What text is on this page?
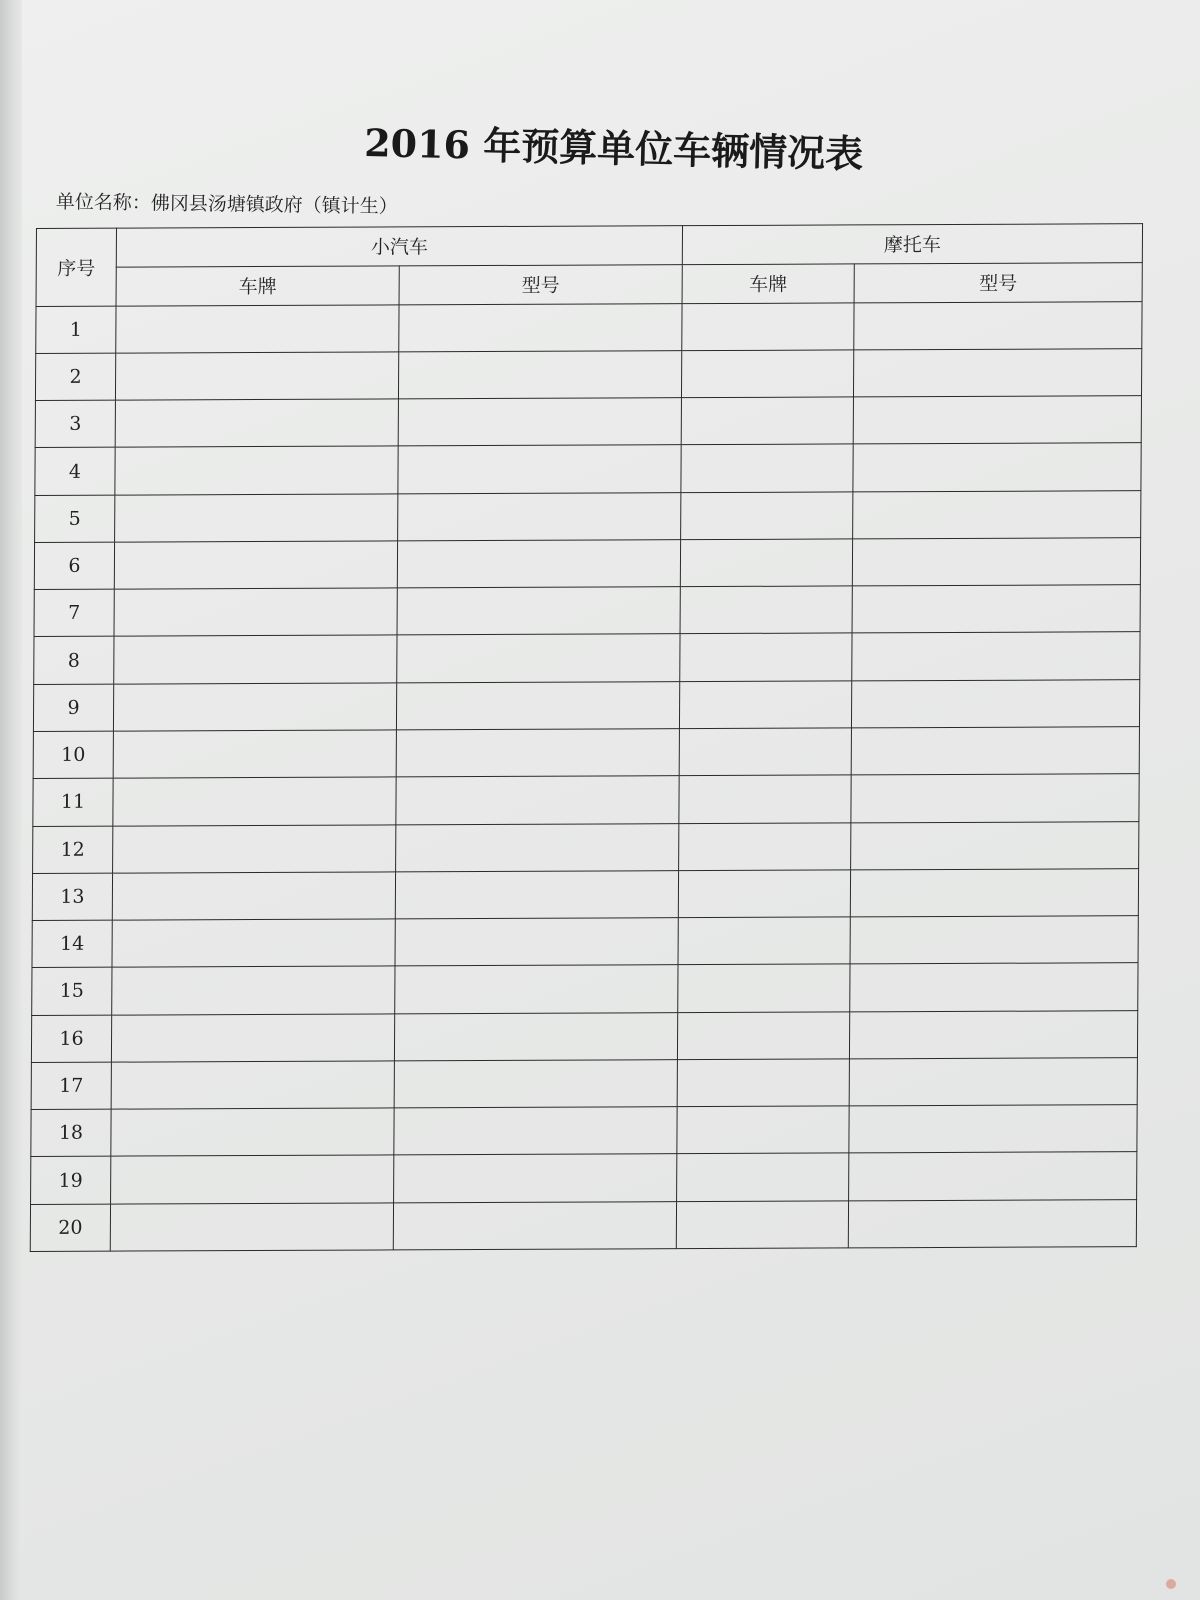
2016 年预算单位车辆情况表
单位名称：佛冈县汤塘镇政府（镇计生）
序号	小汽车		摩托车	
	车牌	型号	车牌	型号
1				
2				
3				
4				
5				
6				
7				
8				
9				
10				
11				
12				
13				
14				
15				
16				
17				
18				
19				
20				
